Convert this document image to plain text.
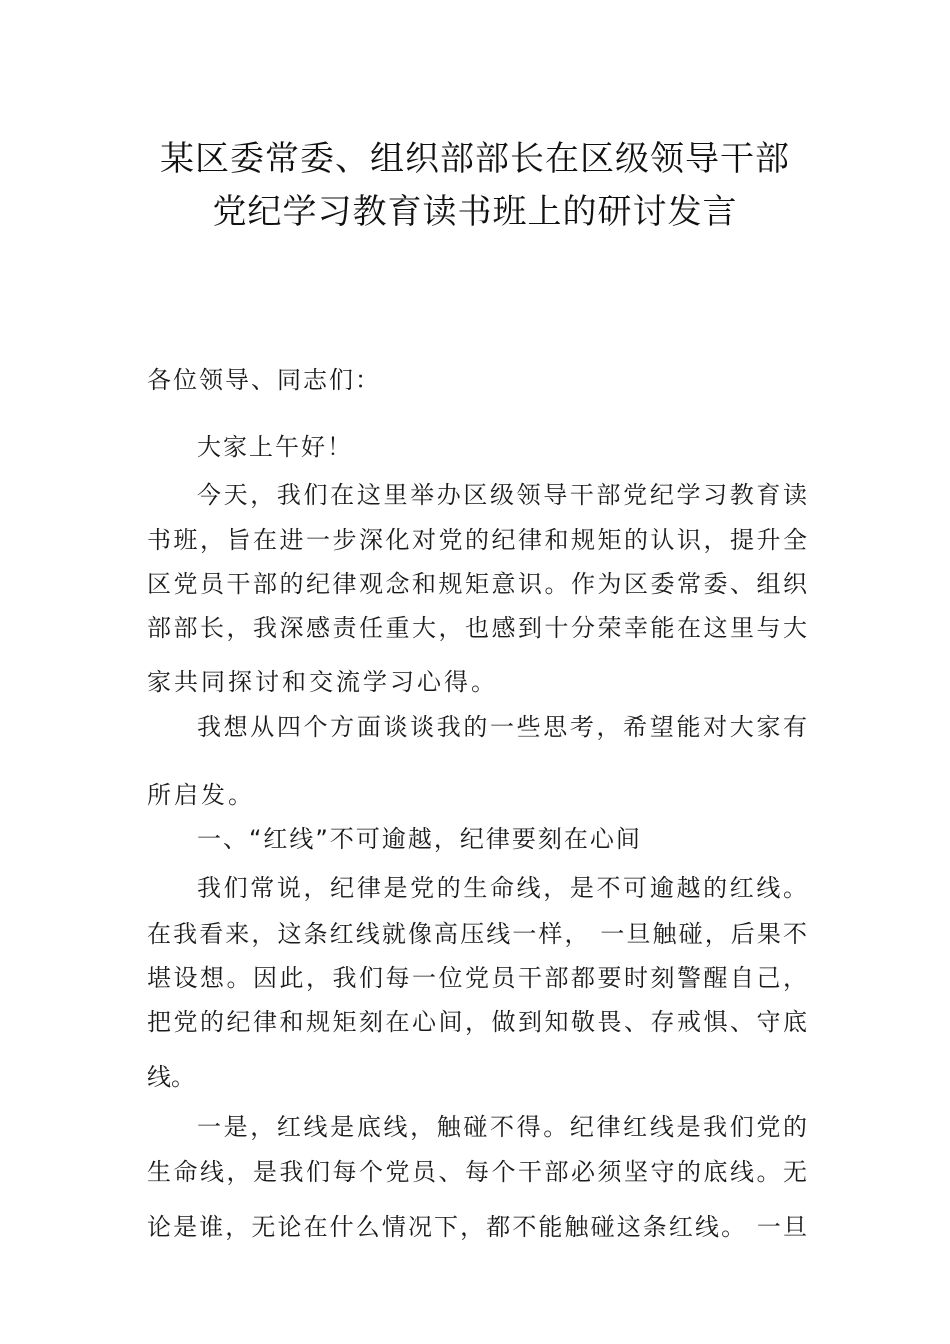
某区委常委、组织部部长在区级领导干部
党纪学习教育读书班上的研讨发言
各位领导、同志们：
大家上午好！
今天，我们在这里举办区级领导干部党纪学习教育读
书班，旨在进一步深化对党的纪律和规矩的认识，提升全
区党员干部的纪律观念和规矩意识。作为区委常委、组织
部部长，我深感责任重大，也感到十分荣幸能在这里与大
家共同探讨和交流学习心得。
我想从四个方面谈谈我的一些思考，希望能对大家有
所启发。
一、“红线”不可逾越，纪律要刻在心间
我们常说，纪律是党的生命线，是不可逾越的红线。
在我看来，这条红线就像高压线一样， 一旦触碰，后果不
堪设想。因此，我们每一位党员干部都要时刻警醒自己，
把党的纪律和规矩刻在心间，做到知敬畏、存戒惧、守底
线。
一是，红线是底线，触碰不得。纪律红线是我们党的
生命线，是我们每个党员、每个干部必须坚守的底线。无
论是谁，无论在什么情况下，都不能触碰这条红线。 一旦
